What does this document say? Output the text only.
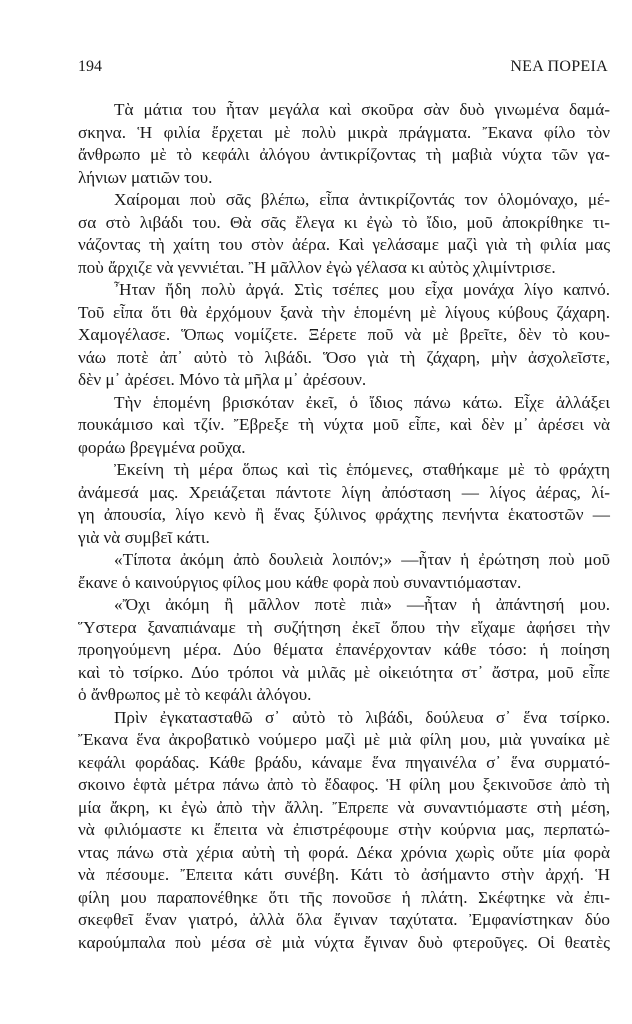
194	ΝΕΑ ΠΟΡΕΙΑ
Τὰ μάτια του ἦταν μεγάλα καὶ σκοῦρα σὰν δυὸ γινωμένα δαμά-
σκηνα. Ἡ φιλία ἔρχεται μὲ πολὺ μικρὰ πράγματα. Ἔκανα φίλο τὸν
ἄνθρωπο μὲ τὸ κεφάλι ἀλόγου ἀντικρίζοντας τὴ μαβιὰ νύχτα τῶν γα-
λήνιων ματιῶν του.
Χαίρομαι ποὺ σᾶς βλέπω, εἶπα ἀντικρίζοντάς τον ὁλομόναχο, μέ-
σα στὸ λιβάδι του. Θὰ σᾶς ἔλεγα κι ἐγὼ τὸ ἴδιο, μοῦ ἀποκρίθηκε τι-
νάζοντας τὴ χαίτη του στὸν ἀέρα. Καὶ γελάσαμε μαζὶ γιὰ τὴ φιλία μας
ποὺ ἄρχιζε νὰ γεννιέται. Ἢ μᾶλλον ἐγὼ γέλασα κι αὐτὸς χλιμίντρισε.
Ἦταν ἤδη πολὺ ἀργά. Στὶς τσέπες μου εἶχα μονάχα λίγο καπνό.
Τοῦ εἶπα ὅτι θὰ ἐρχόμουν ξανὰ τὴν ἑπομένη μὲ λίγους κύβους ζάχαρη.
Χαμογέλασε. Ὅπως νομίζετε. Ξέρετε ποῦ νὰ μὲ βρεῖτε, δὲν τὸ κου-
νάω ποτὲ ἀπ᾿ αὐτὸ τὸ λιβάδι. Ὅσο γιὰ τὴ ζάχαρη, μὴν ἀσχολεῖστε,
δὲν μ᾿ ἀρέσει. Μόνο τὰ μῆλα μ᾿ ἀρέσουν.
Τὴν ἑπομένη βρισκόταν ἐκεῖ, ὁ ἴδιος πάνω κάτω. Εἶχε ἀλλάξει
πουκάμισο καὶ τζίν. Ἔβρεξε τὴ νύχτα μοῦ εἶπε, καὶ δὲν μ᾿ ἀρέσει νὰ
φοράω βρεγμένα ροῦχα.
Ἐκείνη τὴ μέρα ὅπως καὶ τὶς ἑπόμενες, σταθήκαμε μὲ τὸ φράχτη
ἀνάμεσά μας. Χρειάζεται πάντοτε λίγη ἀπόσταση — λίγος ἀέρας, λί-
γη ἀπουσία, λίγο κενὸ ἢ ἕνας ξύλινος φράχτης πενήντα ἑκατοστῶν —
γιὰ νὰ συμβεῖ κάτι.
«Τίποτα ἀκόμη ἀπὸ δουλειὰ λοιπόν;» —ἦταν ἡ ἐρώτηση ποὺ μοῦ
ἔκανε ὁ καινούργιος φίλος μου κάθε φορὰ ποὺ συναντιόμασταν.
«Ὄχι ἀκόμη ἢ μᾶλλον ποτὲ πιὰ» —ἦταν ἡ ἀπάντησή μου.
Ὕστερα ξαναπιάναμε τὴ συζήτηση ἐκεῖ ὅπου τὴν εἴχαμε ἀφήσει τὴν
προηγούμενη μέρα. Δύο θέματα ἐπανέρχονταν κάθε τόσο: ἡ ποίηση
καὶ τὸ τσίρκο. Δύο τρόποι νὰ μιλᾶς μὲ οἰκειότητα στ᾿ ἄστρα, μοῦ εἶπε
ὁ ἄνθρωπος μὲ τὸ κεφάλι ἀλόγου.
Πρὶν ἐγκατασταθῶ σ᾿ αὐτὸ τὸ λιβάδι, δούλευα σ᾿ ἕνα τσίρκο.
Ἔκανα ἕνα ἀκροβατικὸ νούμερο μαζὶ μὲ μιὰ φίλη μου, μιὰ γυναίκα μὲ
κεφάλι φοράδας. Κάθε βράδυ, κάναμε ἕνα πηγαινέλα σ᾿ ἕνα συρματό-
σκοινο ἑφτὰ μέτρα πάνω ἀπὸ τὸ ἔδαφος. Ἡ φίλη μου ξεκινοῦσε ἀπὸ τὴ
μία ἄκρη, κι ἐγὼ ἀπὸ τὴν ἄλλη. Ἔπρεπε νὰ συναντιόμαστε στὴ μέση,
νὰ φιλιόμαστε κι ἔπειτα νὰ ἐπιστρέφουμε στὴν κούρνια μας, περπατώ-
ντας πάνω στὰ χέρια αὐτὴ τὴ φορά. Δέκα χρόνια χωρὶς οὔτε μία φορὰ
νὰ πέσουμε. Ἔπειτα κάτι συνέβη. Κάτι τὸ ἀσήμαντο στὴν ἀρχή. Ἡ
φίλη μου παραπονέθηκε ὅτι τῆς πονοῦσε ἡ πλάτη. Σκέφτηκε νὰ ἐπι-
σκεφθεῖ ἕναν γιατρό, ἀλλὰ ὅλα ἔγιναν ταχύτατα. Ἐμφανίστηκαν δύο
καρούμπαλα ποὺ μέσα σὲ μιὰ νύχτα ἔγιναν δυὸ φτεροῦγες. Οἱ θεατὲς
